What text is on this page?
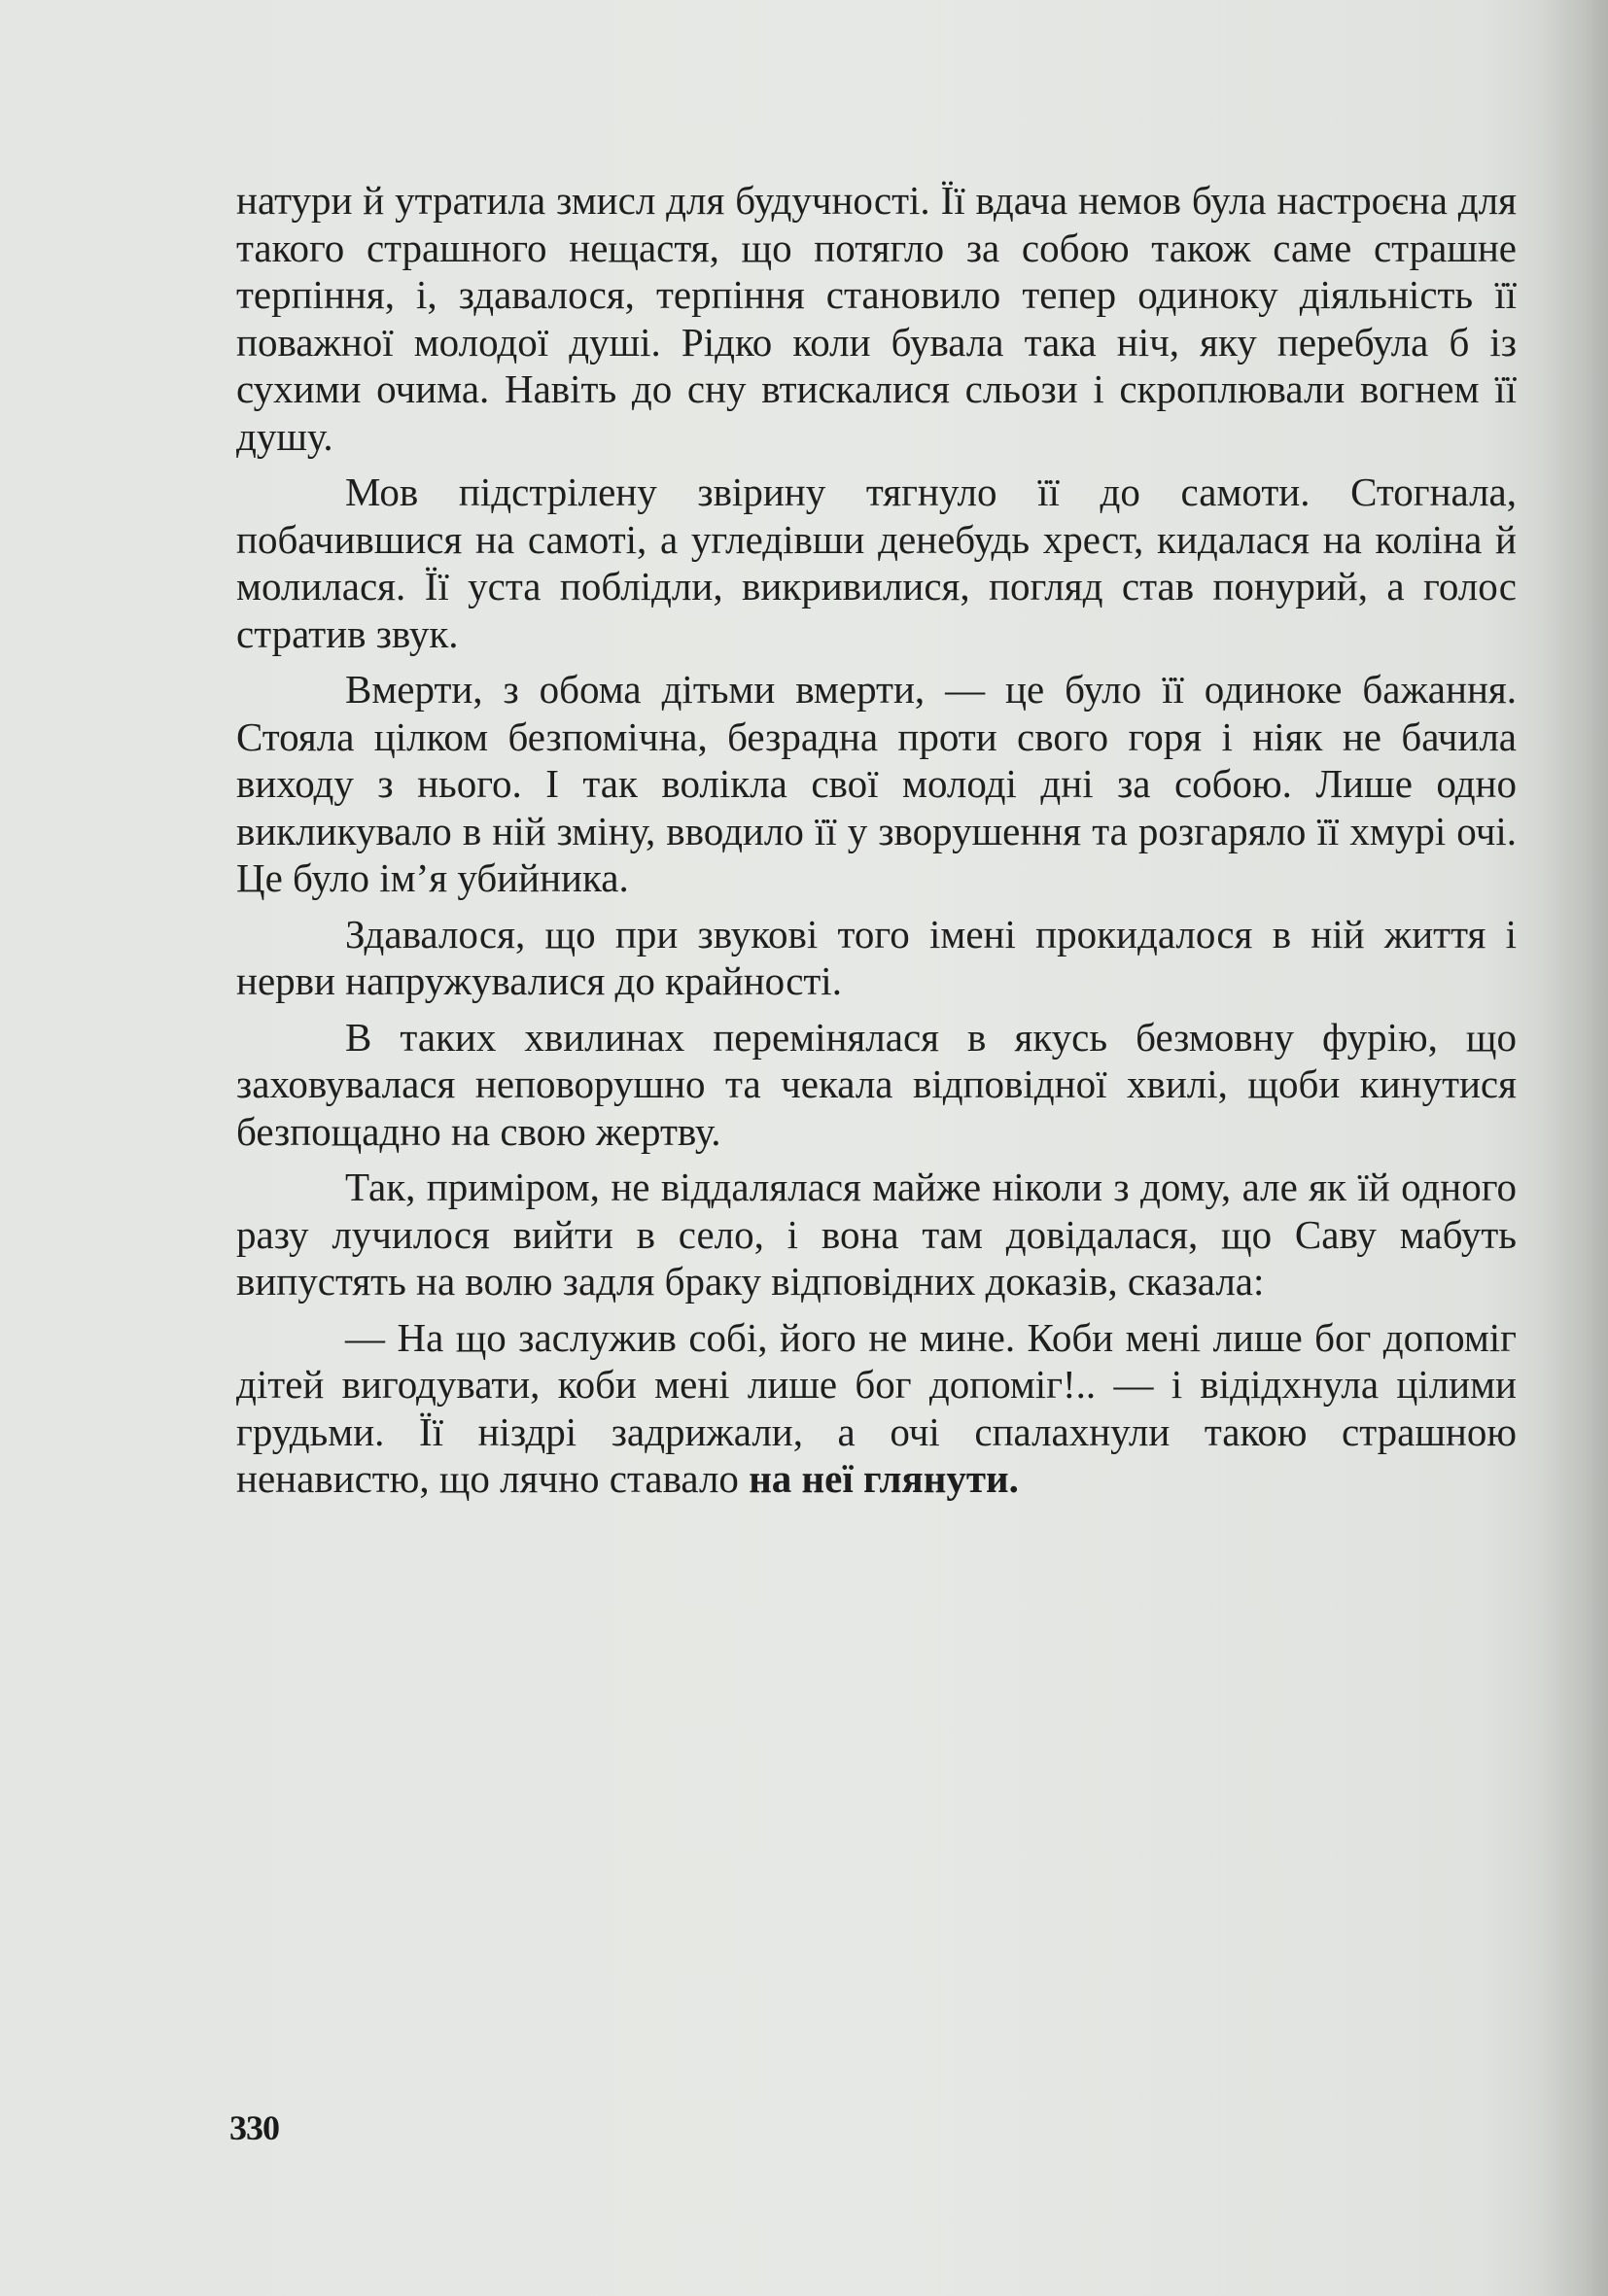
натури й утратила змисл для будучності. Її вдача немов була настроєна для такого страшного нещастя, що потягло за собою також саме страшне терпіння, і, здавалося, терпіння становило тепер одиноку діяльність її поважної молодої душі. Рідко коли бувала така ніч, яку перебула б із сухими очима. Навіть до сну втискалися сльози і скроплювали вогнем її душу.

Мов підстрілену звірину тягнуло її до самоти. Стогнала, побачившися на самоті, а угледівши денебудь хрест, кидалася на коліна й молилася. Її уста поблідли, викривилися, погляд став понурий, а голос стратив звук.

Вмерти, з обома дітьми вмерти, — це було її одиноке бажання. Стояла цілком безпомічна, безрадна проти свого горя і ніяк не бачила виходу з нього. І так волікла свої молоді дні за собою. Лише одно викликувало в ній зміну, вводило її у зворушення та розгаряло її хмурі очі. Це було ім’я убийника.

Здавалося, що при звукові того імені прокидалося в ній життя і нерви напружувалися до крайності.

В таких хвилинах перемінялася в якусь безмовну фурію, що заховувалася неповорушно та чекала відповідної хвилі, щоби кинутися безпощадно на свою жертву.

Так, приміром, не віддалялася майже ніколи з дому, але як їй одного разу лучилося вийти в село, і вона там довідалася, що Саву мабуть випустять на волю задля браку відповідних доказів, сказала:

— На що заслужив собі, його не мине. Коби мені лише бог допоміг дітей вигодувати, коби мені лише бог допоміг!.. — і відідхнула цілими грудьми. Її ніздрі задрижали, а очі спалахнули такою страшною ненавистю, що лячно ставало на неї глянути.

330
